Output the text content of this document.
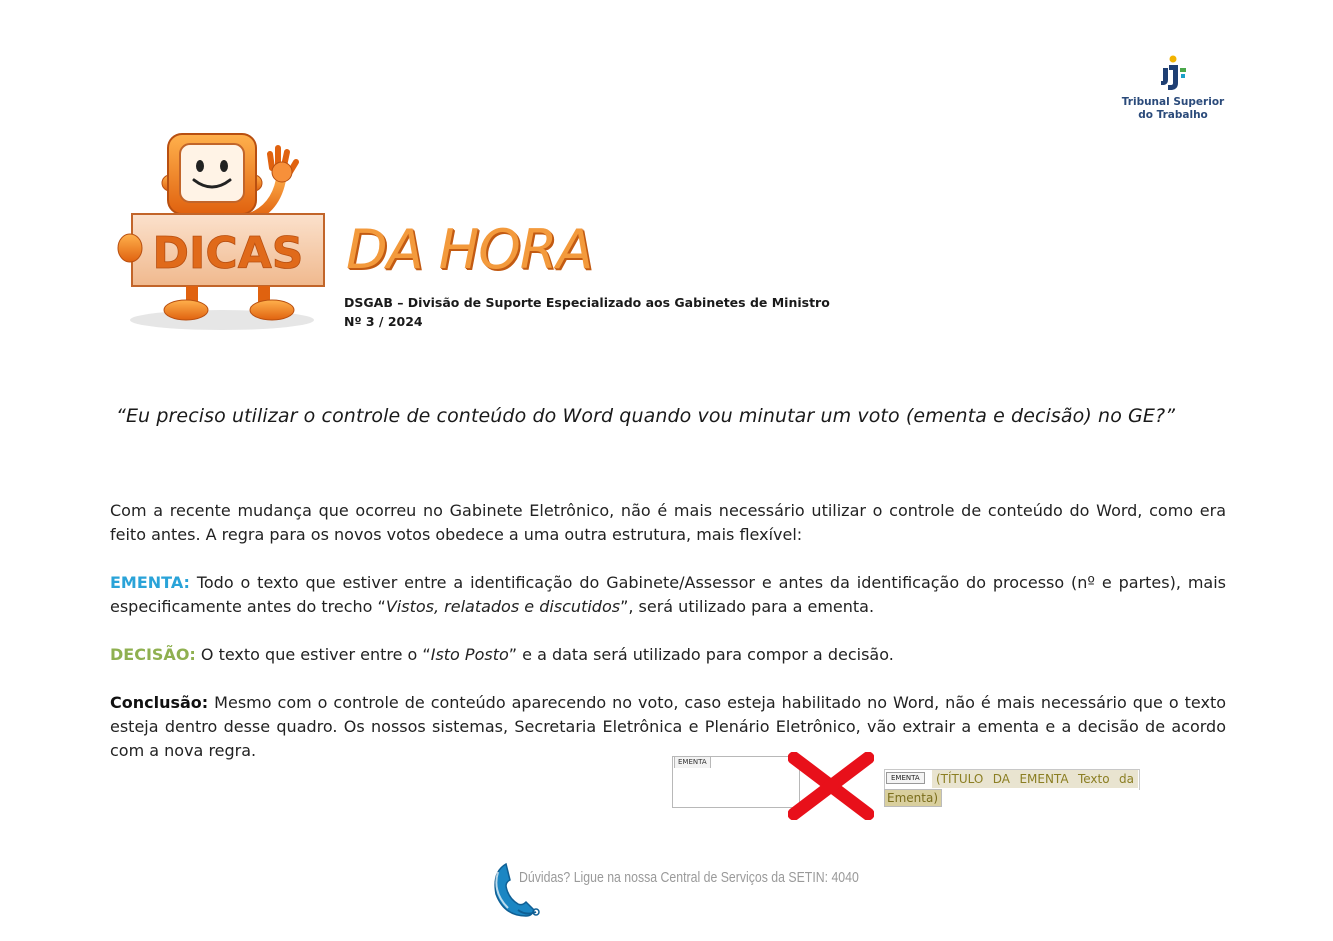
Tribunal Superior
do Trabalho
DICAS DA HORA
DSGAB – Divisão de Suporte Especializado aos Gabinetes de Ministro
Nº 3 / 2024
“Eu preciso utilizar o controle de conteúdo do Word quando vou minutar um voto (ementa e decisão) no GE?”
Com a recente mudança que ocorreu no Gabinete Eletrônico, não é mais necessário utilizar o controle de conteúdo do Word, como era feito antes. A regra para os novos votos obedece a uma outra estrutura, mais flexível:
EMENTA: Todo o texto que estiver entre a identificação do Gabinete/Assessor e antes da identificação do processo (nº e partes), mais especificamente antes do trecho “Vistos, relatados e discutidos”, será utilizado para a ementa.
DECISÃO: O texto que estiver entre o “Isto Posto” e a data será utilizado para compor a decisão.
Conclusão: Mesmo com o controle de conteúdo aparecendo no voto, caso esteja habilitado no Word, não é mais necessário que o texto esteja dentro desse quadro. Os nossos sistemas, Secretaria Eletrônica e Plenário Eletrônico, vão extrair a ementa e a decisão de acordo com a nova regra.
EMENTA
EMENTA	(TÍTULO DA EMENTA Texto da
Ementa)
Dúvidas? Ligue na nossa Central de Serviços da SETIN: 4040
